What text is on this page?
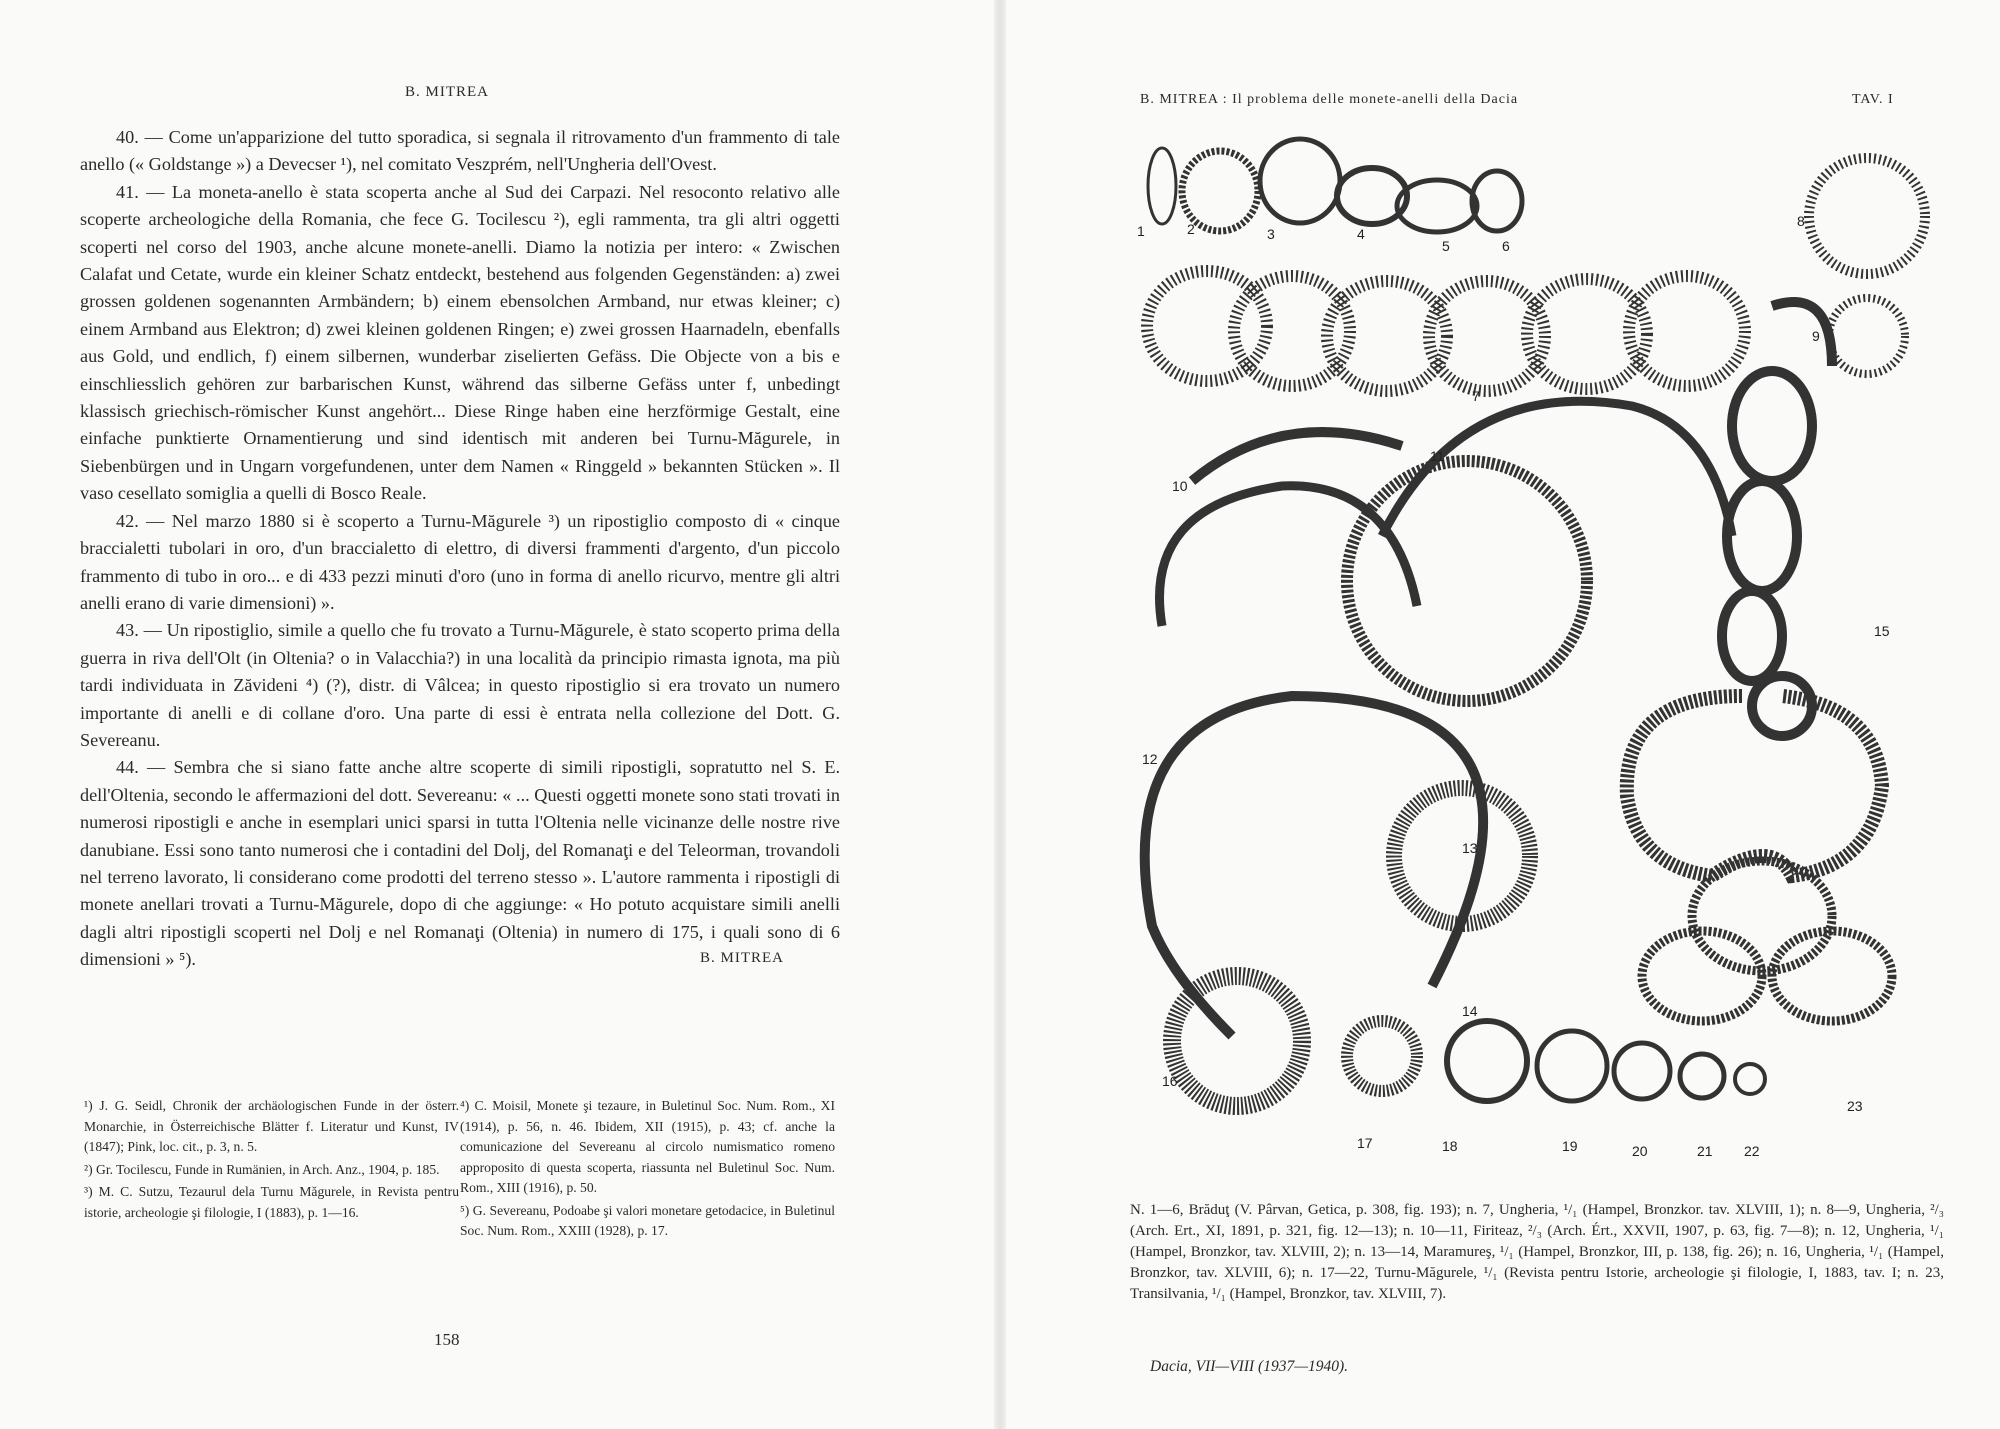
B. MITREA

40. — Come un'apparizione del tutto sporadica, si segnala il ritrovamento d'un frammento di tale anello (« Goldstange ») a Devecser ¹), nel comitato Veszprém, nell'Ungheria dell'Ovest.

41. — La moneta-anello è stata scoperta anche al Sud dei Carpazi. Nel resoconto relativo alle scoperte archeologiche della Romania, che fece G. Tocilescu ²), egli rammenta, tra gli altri oggetti scoperti nel corso del 1903, anche alcune monete-anelli. Diamo la notizia per intero: « Zwischen Calafat und Cetate, wurde ein kleiner Schatz entdeckt, bestehend aus folgenden Gegenständen: a) zwei grossen goldenen sogenannten Armbändern; b) einem ebensolchen Armband, nur etwas kleiner; c) einem Armband aus Elektron; d) zwei kleinen goldenen Ringen; e) zwei grossen Haarnadeln, ebenfalls aus Gold, und endlich, f) einem silbernen, wunderbar ziselierten Gefäss. Die Objecte von a bis e einschliesslich gehören zur barbarischen Kunst, während das silberne Gefäss unter f, unbedingt klassisch griechisch-römischer Kunst angehört... Diese Ringe haben eine herzförmige Gestalt, eine einfache punktierte Ornamentierung und sind identisch mit anderen bei Turnu-Măgurele, in Siebenbürgen und in Ungarn vorgefundenen, unter dem Namen « Ringgeld » bekannten Stücken ». Il vaso cesellato somiglia a quelli di Bosco Reale.

42. — Nel marzo 1880 si è scoperto a Turnu-Măgurele ³) un ripostiglio composto di « cinque braccialetti tubolari in oro, d'un braccialetto di elettro, di diversi frammenti d'argento, d'un piccolo frammento di tubo in oro... e di 433 pezzi minuti d'oro (uno in forma di anello ricurvo, mentre gli altri anelli erano di varie dimensioni) ».

43. — Un ripostiglio, simile a quello che fu trovato a Turnu-Măgurele, è stato scoperto prima della guerra in riva dell'Olt (in Oltenia? o in Valacchia?) in una località da principio rimasta ignota, ma più tardi individuata in Zăvideni ⁴) (?), distr. di Vâlcea; in questo ripostiglio si era trovato un numero importante di anelli e di collane d'oro. Una parte di essi è entrata nella collezione del Dott. G. Severeanu.

44. — Sembra che si siano fatte anche altre scoperte di simili ripostigli, sopratutto nel S. E. dell'Oltenia, secondo le affermazioni del dott. Severeanu: « ... Questi oggetti monete sono stati trovati in numerosi ripostigli e anche in esemplari unici sparsi in tutta l'Oltenia nelle vicinanze delle nostre rive danubiane. Essi sono tanto numerosi che i contadini del Dolj, del Romanaţi e del Teleorman, trovandoli nel terreno lavorato, li considerano come prodotti del terreno stesso ». L'autore rammenta i ripostigli di monete anellari trovati a Turnu-Măgurele, dopo di che aggiunge: « Ho potuto acquistare simili anelli dagli altri ripostigli scoperti nel Dolj e nel Romanaţi (Oltenia) in numero di 175, i quali sono di 6 dimensioni » ⁵).	B. MITREA

¹) J. G. Seidl, Chronik der archäologischen Funde in der österr. Monarchie, in Österreichische Blätter f. Literatur und Kunst, IV (1847); Pink, loc. cit., p. 3, n. 5.

²) Gr. Tocilescu, Funde in Rumänien, in Arch. Anz., 1904, p. 185.

³) M. C. Sutzu, Tezaurul dela Turnu Măgurele, in Revista pentru istorie, archeologie şi filologie, I (1883), p. 1—16.

⁴) C. Moisil, Monete şi tezaure, in Buletinul Soc. Num. Rom., XI (1914), p. 56, n. 46. Ibidem, XII (1915), p. 43; cf. anche la comunicazione del Severeanu al circolo numismatico romeno approposito di questa scoperta, riassunta nel Buletinul Soc. Num. Rom., XIII (1916), p. 50.

⁵) G. Severeanu, Podoabe şi valori monetare getodacice, in Buletinul Soc. Num. Rom., XXIII (1928), p. 17.

158
B. MITREA : Il problema delle monete-anelli della Dacia	TAV. I
1	2	3	4
5	6
7
8
9
10
11
12
13
14
15
16
17	18	19	20	21 22
23
N. 1—6, Brăduţ (V. Pârvan, Getica, p. 308, fig. 193); n. 7, Ungheria, ¹/₁ (Hampel, Bronzkor. tav. XLVIII, 1); n. 8—9, Ungheria, ²/₃ (Arch. Ert., XI, 1891, p. 321, fig. 12—13); n. 10—11, Firiteaz, ²/₃ (Arch. Ért., XXVII, 1907, p. 63, fig. 7—8); n. 12, Ungheria, ¹/₁ (Hampel, Bronzkor, tav. XLVIII, 2); n. 13—14, Maramureş, ¹/₁ (Hampel, Bronzkor, III, p. 138, fig. 26); n. 16, Ungheria, ¹/₁ (Hampel, Bronzkor, tav. XLVIII, 6); n. 17—22, Turnu-Măgurele, ¹/₁ (Revista pentru Istorie, archeologie şi filologie, I, 1883, tav. I; n. 23, Transilvania, ¹/₁ (Hampel, Bronzkor, tav. XLVIII, 7).
Dacia, VII—VIII (1937—1940).
